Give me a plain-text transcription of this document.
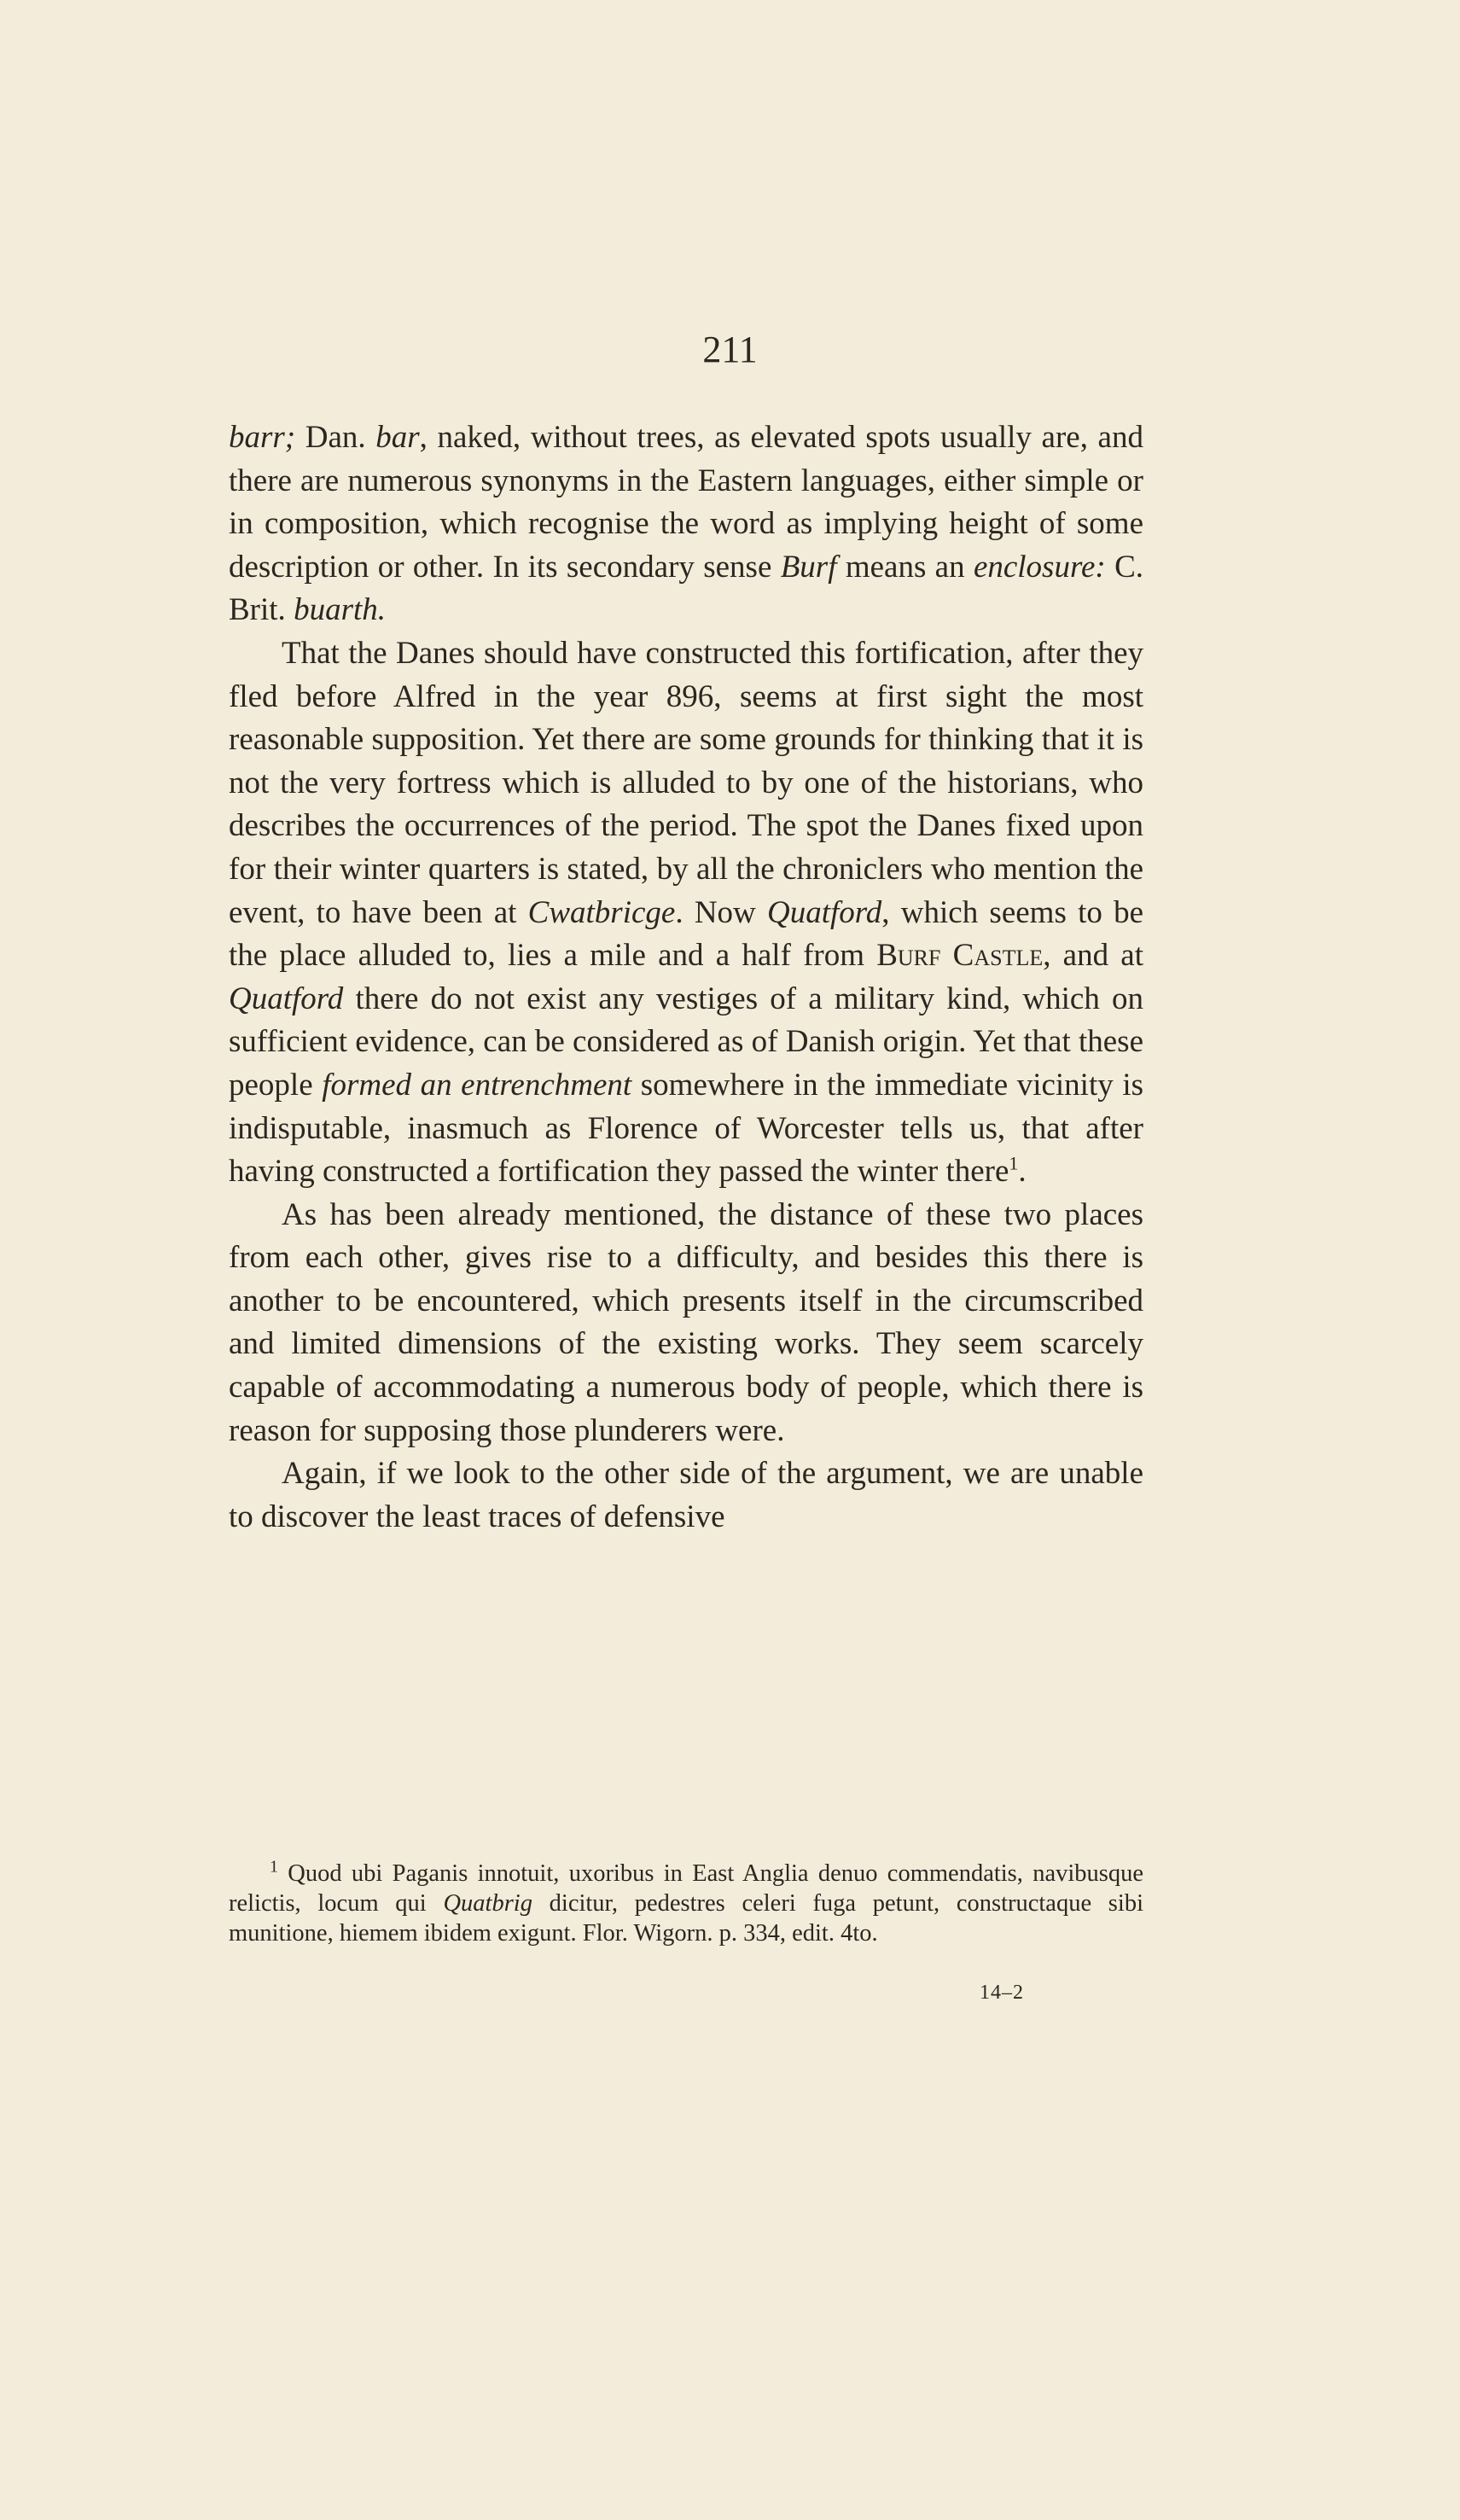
211

barr; Dan. bar, naked, without trees, as elevated spots usually are, and there are numerous synonyms in the Eastern languages, either simple or in composition, which recognise the word as implying height of some description or other. In its secondary sense Burf means an enclosure: C. Brit. buarth.

That the Danes should have constructed this fortification, after they fled before Alfred in the year 896, seems at first sight the most reasonable supposition. Yet there are some grounds for thinking that it is not the very fortress which is alluded to by one of the historians, who describes the occurrences of the period. The spot the Danes fixed upon for their winter quarters is stated, by all the chroniclers who mention the event, to have been at Cwatbricge. Now Quatford, which seems to be the place alluded to, lies a mile and a half from Burf Castle, and at Quatford there do not exist any vestiges of a military kind, which on sufficient evidence, can be considered as of Danish origin. Yet that these people formed an entrenchment somewhere in the immediate vicinity is indisputable, inasmuch as Florence of Worcester tells us, that after having constructed a fortification they passed the winter there$^1$.

As has been already mentioned, the distance of these two places from each other, gives rise to a difficulty, and besides this there is another to be encountered, which presents itself in the circumscribed and limited dimensions of the existing works. They seem scarcely capable of accommodating a numerous body of people, which there is reason for supposing those plunderers were.

Again, if we look to the other side of the argument, we are unable to discover the least traces of defensive

$^1$ Quod ubi Paganis innotuit, uxoribus in East Anglia denuo commendatis, navibusque relictis, locum qui Quatbrig dicitur, pedestres celeri fuga petunt, constructaque sibi munitione, hiemem ibidem exigunt. Flor. Wigorn. p. 334, edit. 4to.

14–2
